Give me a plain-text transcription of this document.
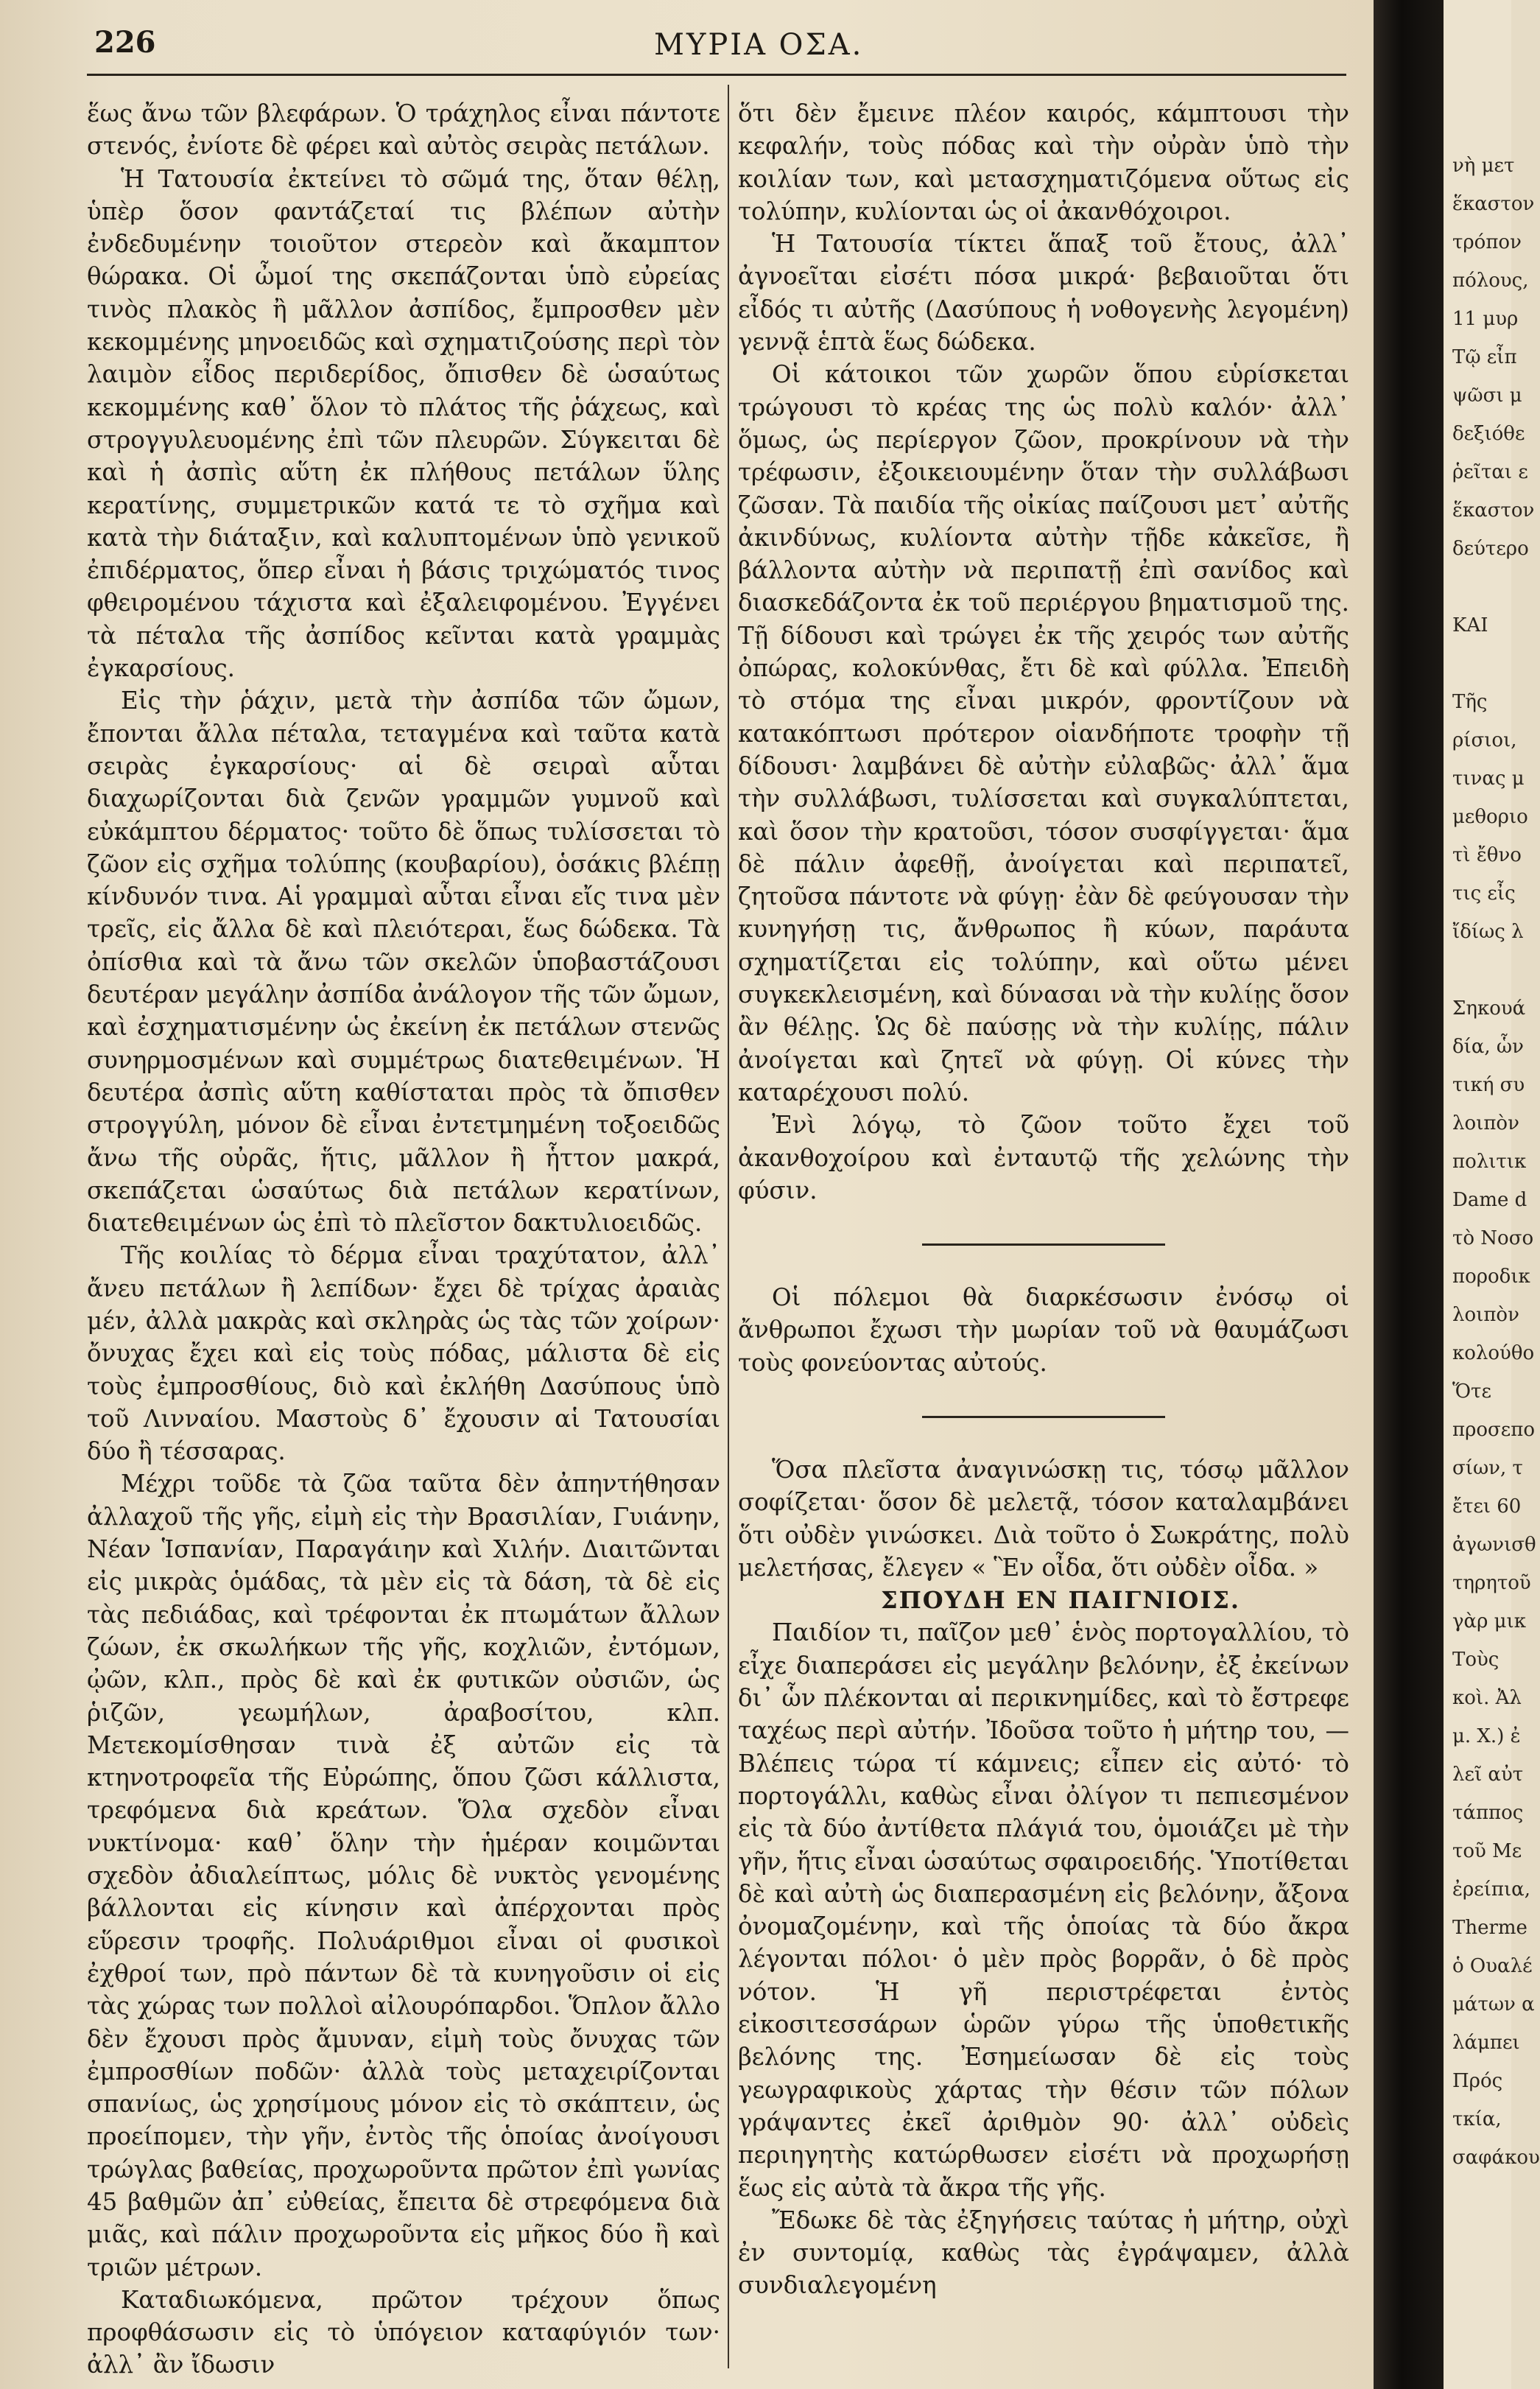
226	ΜΥΡΙΑ ΟΣΑ.

ἕως ἄνω τῶν βλεφάρων. Ὁ τράχηλος εἶναι πάντοτε στενός, ἐνίοτε δὲ φέρει καὶ αὐτὸς σειρὰς πετάλων.

Ἡ Τατουσία ἐκτείνει τὸ σῶμά της, ὅταν θέλῃ, ὑπὲρ ὅσον φαντάζεταί τις βλέπων αὐτὴν ἐνδεδυμένην τοιοῦτον στερεὸν καὶ ἄκαμπτον θώρακα. Οἱ ὦμοί της σκεπάζονται ὑπὸ εὐρείας τινὸς πλακὸς ἢ μᾶλλον ἀσπίδος, ἔμπροσθεν μὲν κεκομμένης μηνοειδῶς καὶ σχηματιζούσης περὶ τὸν λαιμὸν εἶδος περιδερίδος, ὄπισθεν δὲ ὡσαύτως κεκομμένης καθ᾿ ὅλον τὸ πλάτος τῆς ῥάχεως, καὶ στρογγυλευομένης ἐπὶ τῶν πλευρῶν. Σύγκειται δὲ καὶ ἡ ἀσπὶς αὕτη ἐκ πλήθους πετάλων ὕλης κερατίνης, συμμετρικῶν κατά τε τὸ σχῆμα καὶ κατὰ τὴν διάταξιν, καὶ καλυπτομένων ὑπὸ γενικοῦ ἐπιδέρματος, ὅπερ εἶναι ἡ βάσις τριχώματός τινος φθειρομένου τάχιστα καὶ ἐξαλειφομένου. Ἐγγένει τὰ πέταλα τῆς ἀσπίδος κεῖνται κατὰ γραμμὰς ἐγκαρσίους.

Εἰς τὴν ῥάχιν, μετὰ τὴν ἀσπίδα τῶν ὤμων, ἔπονται ἄλλα πέταλα, τεταγμένα καὶ ταῦτα κατὰ σειρὰς ἐγκαρσίους· αἱ δὲ σειραὶ αὗται διαχωρίζονται διὰ ζενῶν γραμμῶν γυμνοῦ καὶ εὐκάμπτου δέρματος· τοῦτο δὲ ὅπως τυλίσσεται τὸ ζῶον εἰς σχῆμα τολύπης (κουβαρίου), ὁσάκις βλέπῃ κίνδυνόν τινα. Αἱ γραμμαὶ αὗται εἶναι εἴς τινα μὲν τρεῖς, εἰς ἄλλα δὲ καὶ πλειότεραι, ἕως δώδεκα. Τὰ ὀπίσθια καὶ τὰ ἄνω τῶν σκελῶν ὑποβαστάζουσι δευτέραν μεγάλην ἀσπίδα ἀνάλογον τῆς τῶν ὤμων, καὶ ἐσχηματισμένην ὡς ἐκείνη ἐκ πετάλων στενῶς συνηρμοσμένων καὶ συμμέτρως διατεθειμένων. Ἡ δευτέρα ἀσπὶς αὕτη καθίσταται πρὸς τὰ ὄπισθεν στρογγύλη, μόνον δὲ εἶναι ἐντετμημένη τοξοειδῶς ἄνω τῆς οὐρᾶς, ἥτις, μᾶλλον ἢ ἧττον μακρά, σκεπάζεται ὡσαύτως διὰ πετάλων κερατίνων, διατεθειμένων ὡς ἐπὶ τὸ πλεῖστον δακτυλιοειδῶς.

Τῆς κοιλίας τὸ δέρμα εἶναι τραχύτατον, ἀλλ᾿ ἄνευ πετάλων ἢ λεπίδων· ἔχει δὲ τρίχας ἀραιὰς μέν, ἀλλὰ μακρὰς καὶ σκληρὰς ὡς τὰς τῶν χοίρων· ὄνυχας ἔχει καὶ εἰς τοὺς πόδας, μάλιστα δὲ εἰς τοὺς ἐμπροσθίους, διὸ καὶ ἐκλήθη Δασύπους ὑπὸ τοῦ Λινναίου. Μαστοὺς δ᾿ ἔχουσιν αἱ Τατουσίαι δύο ἢ τέσσαρας.

Μέχρι τοῦδε τὰ ζῶα ταῦτα δὲν ἀπηντήθησαν ἀλλαχοῦ τῆς γῆς, εἰμὴ εἰς τὴν Βρασιλίαν, Γυιάνην, Νέαν Ἱσπανίαν, Παραγάιην καὶ Χιλήν. Διαιτῶνται εἰς μικρὰς ὁμάδας, τὰ μὲν εἰς τὰ δάση, τὰ δὲ εἰς τὰς πεδιάδας, καὶ τρέφονται ἐκ πτωμάτων ἄλλων ζώων, ἐκ σκωλήκων τῆς γῆς, κοχλιῶν, ἐντόμων, ᾠῶν, κλπ., πρὸς δὲ καὶ ἐκ φυτικῶν οὐσιῶν, ὡς ῥιζῶν, γεωμήλων, ἀραβοσίτου, κλπ. Μετεκομίσθησαν τινὰ ἐξ αὐτῶν εἰς τὰ κτηνοτροφεῖα τῆς Εὐρώπης, ὅπου ζῶσι κάλλιστα, τρεφόμενα διὰ κρεάτων. Ὅλα σχεδὸν εἶναι νυκτίνομα· καθ᾿ ὅλην τὴν ἡμέραν κοιμῶνται σχεδὸν ἀδιαλείπτως, μόλις δὲ νυκτὸς γενομένης βάλλονται εἰς κίνησιν καὶ ἀπέρχονται πρὸς εὕρεσιν τροφῆς. Πολυάριθμοι εἶναι οἱ φυσικοὶ ἐχθροί των, πρὸ πάντων δὲ τὰ κυνηγοῦσιν οἱ εἰς τὰς χώρας των πολλοὶ αἰλουρόπαρδοι. Ὅπλον ἄλλο δὲν ἔχουσι πρὸς ἄμυναν, εἰμὴ τοὺς ὄνυχας τῶν ἐμπροσθίων ποδῶν· ἀλλὰ τοὺς μεταχειρίζονται σπανίως, ὡς χρησίμους μόνον εἰς τὸ σκάπτειν, ὡς προείπομεν, τὴν γῆν, ἐντὸς τῆς ὁποίας ἀνοίγουσι τρώγλας βαθείας, προχωροῦντα πρῶτον ἐπὶ γωνίας 45 βαθμῶν ἀπ᾿ εὐθείας, ἔπειτα δὲ στρεφόμενα διὰ μιᾶς, καὶ πάλιν προχωροῦντα εἰς μῆκος δύο ἢ καὶ τριῶν μέτρων.

Καταδιωκόμενα, πρῶτον τρέχουν ὅπως προφθάσωσιν εἰς τὸ ὑπόγειον καταφύγιόν των· ἀλλ᾿ ἂν ἴδωσιν

ὅτι δὲν ἔμεινε πλέον καιρός, κάμπτουσι τὴν κεφαλήν, τοὺς πόδας καὶ τὴν οὐρὰν ὑπὸ τὴν κοιλίαν των, καὶ μετασχηματιζόμενα οὕτως εἰς τολύπην, κυλίονται ὡς οἱ ἀκανθόχοιροι.

Ἡ Τατουσία τίκτει ἅπαξ τοῦ ἔτους, ἀλλ᾿ ἀγνοεῖται εἰσέτι πόσα μικρά· βεβαιοῦται ὅτι εἶδός τι αὐτῆς (Δασύπους ἡ νοθογενὴς λεγομένη) γεννᾷ ἑπτὰ ἕως δώδεκα.

Οἱ κάτοικοι τῶν χωρῶν ὅπου εὑρίσκεται τρώγουσι τὸ κρέας της ὡς πολὺ καλόν· ἀλλ᾿ ὅμως, ὡς περίεργον ζῶον, προκρίνουν νὰ τὴν τρέφωσιν, ἐξοικειουμένην ὅταν τὴν συλλάβωσι ζῶσαν. Τὰ παιδία τῆς οἰκίας παίζουσι μετ᾿ αὐτῆς ἀκινδύνως, κυλίοντα αὐτὴν τῇδε κἀκεῖσε, ἢ βάλλοντα αὐτὴν νὰ περιπατῇ ἐπὶ σανίδος καὶ διασκεδάζοντα ἐκ τοῦ περιέργου βηματισμοῦ της. Τῇ δίδουσι καὶ τρώγει ἐκ τῆς χειρός των αὐτῆς ὀπώρας, κολοκύνθας, ἔτι δὲ καὶ φύλλα. Ἐπειδὴ τὸ στόμα της εἶναι μικρόν, φροντίζουν νὰ κατακόπτωσι πρότερον οἱανδήποτε τροφὴν τῇ δίδουσι· λαμβάνει δὲ αὐτὴν εὐλαβῶς· ἀλλ᾿ ἅμα τὴν συλλάβωσι, τυλίσσεται καὶ συγκαλύπτεται, καὶ ὅσον τὴν κρατοῦσι, τόσον συσφίγγεται· ἅμα δὲ πάλιν ἀφεθῇ, ἀνοίγεται καὶ περιπατεῖ, ζητοῦσα πάντοτε νὰ φύγῃ· ἐὰν δὲ φεύγουσαν τὴν κυνηγήσῃ τις, ἄνθρωπος ἢ κύων, παράυτα σχηματίζεται εἰς τολύπην, καὶ οὕτω μένει συγκεκλεισμένη, καὶ δύνασαι νὰ τὴν κυλίῃς ὅσον ἂν θέλῃς. Ὡς δὲ παύσῃς νὰ τὴν κυλίῃς, πάλιν ἀνοίγεται καὶ ζητεῖ νὰ φύγῃ. Οἱ κύνες τὴν καταρέχουσι πολύ.

Ἐνὶ λόγῳ, τὸ ζῶον τοῦτο ἔχει τοῦ ἀκανθοχοίρου καὶ ἐνταυτῷ τῆς χελώνης τὴν φύσιν.

Οἱ πόλεμοι θὰ διαρκέσωσιν ἐνόσῳ οἱ ἄνθρωποι ἔχωσι τὴν μωρίαν τοῦ νὰ θαυμάζωσι τοὺς φονεύοντας αὐτούς.

Ὅσα πλεῖστα ἀναγινώσκῃ τις, τόσῳ μᾶλλον σοφίζεται· ὅσον δὲ μελετᾷ, τόσον καταλαμβάνει ὅτι οὐδὲν γινώσκει. Διὰ τοῦτο ὁ Σωκράτης, πολὺ μελετήσας, ἔλεγεν « Ἓν οἶδα, ὅτι οὐδὲν οἶδα. »

ΣΠΟΥΔΗ ΕΝ ΠΑΙΓΝΙΟΙΣ.

Παιδίον τι, παῖζον μεθ᾿ ἑνὸς πορτογαλλίου, τὸ εἶχε διαπεράσει εἰς μεγάλην βελόνην, ἐξ ἐκείνων δι᾿ ὧν πλέκονται αἱ περικνημίδες, καὶ τὸ ἔστρεφε ταχέως περὶ αὐτήν. Ἰδοῦσα τοῦτο ἡ μήτηρ του, — Βλέπεις τώρα τί κάμνεις; εἶπεν εἰς αὐτό· τὸ πορτογάλλι, καθὼς εἶναι ὀλίγον τι πεπιεσμένον εἰς τὰ δύο ἀντίθετα πλάγιά του, ὁμοιάζει μὲ τὴν γῆν, ἥτις εἶναι ὡσαύτως σφαιροειδής. Ὑποτίθεται δὲ καὶ αὐτὴ ὡς διαπερασμένη εἰς βελόνην, ἄξονα ὀνομαζομένην, καὶ τῆς ὁποίας τὰ δύο ἄκρα λέγονται πόλοι· ὁ μὲν πρὸς βορρᾶν, ὁ δὲ πρὸς νότον. Ἡ γῆ περιστρέφεται ἐντὸς εἰκοσιτεσσάρων ὡρῶν γύρω τῆς ὑποθετικῆς βελόνης της. Ἐσημείωσαν δὲ εἰς τοὺς γεωγραφικοὺς χάρτας τὴν θέσιν τῶν πόλων γράψαντες ἐκεῖ ἀριθμὸν 90· ἀλλ᾿ οὐδεὶς περιηγητὴς κατώρθωσεν εἰσέτι νὰ προχωρήσῃ ἕως εἰς αὐτὰ τὰ ἄκρα τῆς γῆς.

Ἔδωκε δὲ τὰς ἐξηγήσεις ταύτας ἡ μήτηρ, οὐχὶ ἐν συντομίᾳ, καθὼς τὰς ἐγράψαμεν, ἀλλὰ συνδιαλεγομένη

νὴ μετ
ἕκαστον
τρόπον
πόλους,
11 μυρ
Τῷ εἶπ
ψῶσι μ
δεξιόθε
ῥεῖται ε
ἕκαστον
δεύτερο
ΚΑΙ
Τῆς
ρίσιοι,
τινας μ
μεθοριο
τὶ ἔθνο
τις εἶς
ἴδίως λ
Σηκουά
δία, ὧν
τική συ
λοιπὸν
πολιτικ
Dame d
τὸ Νοσο
ποροδικ
λοιπὸν
κολούθο
Ὅτε
προσεπο
σίων, τ
ἔτει 60
ἀγωνισθ
τηρητοῦ
γὰρ μικ
Τοὺς
κοὶ. Ἀλ
μ. Χ.) ἐ
λεῖ αὐτ
τάππος
τοῦ Με
ἐρείπια,
Therme
ὁ Ουαλέ
μάτων α
λάμπει
Πρός
τκία,
σαφάκου
